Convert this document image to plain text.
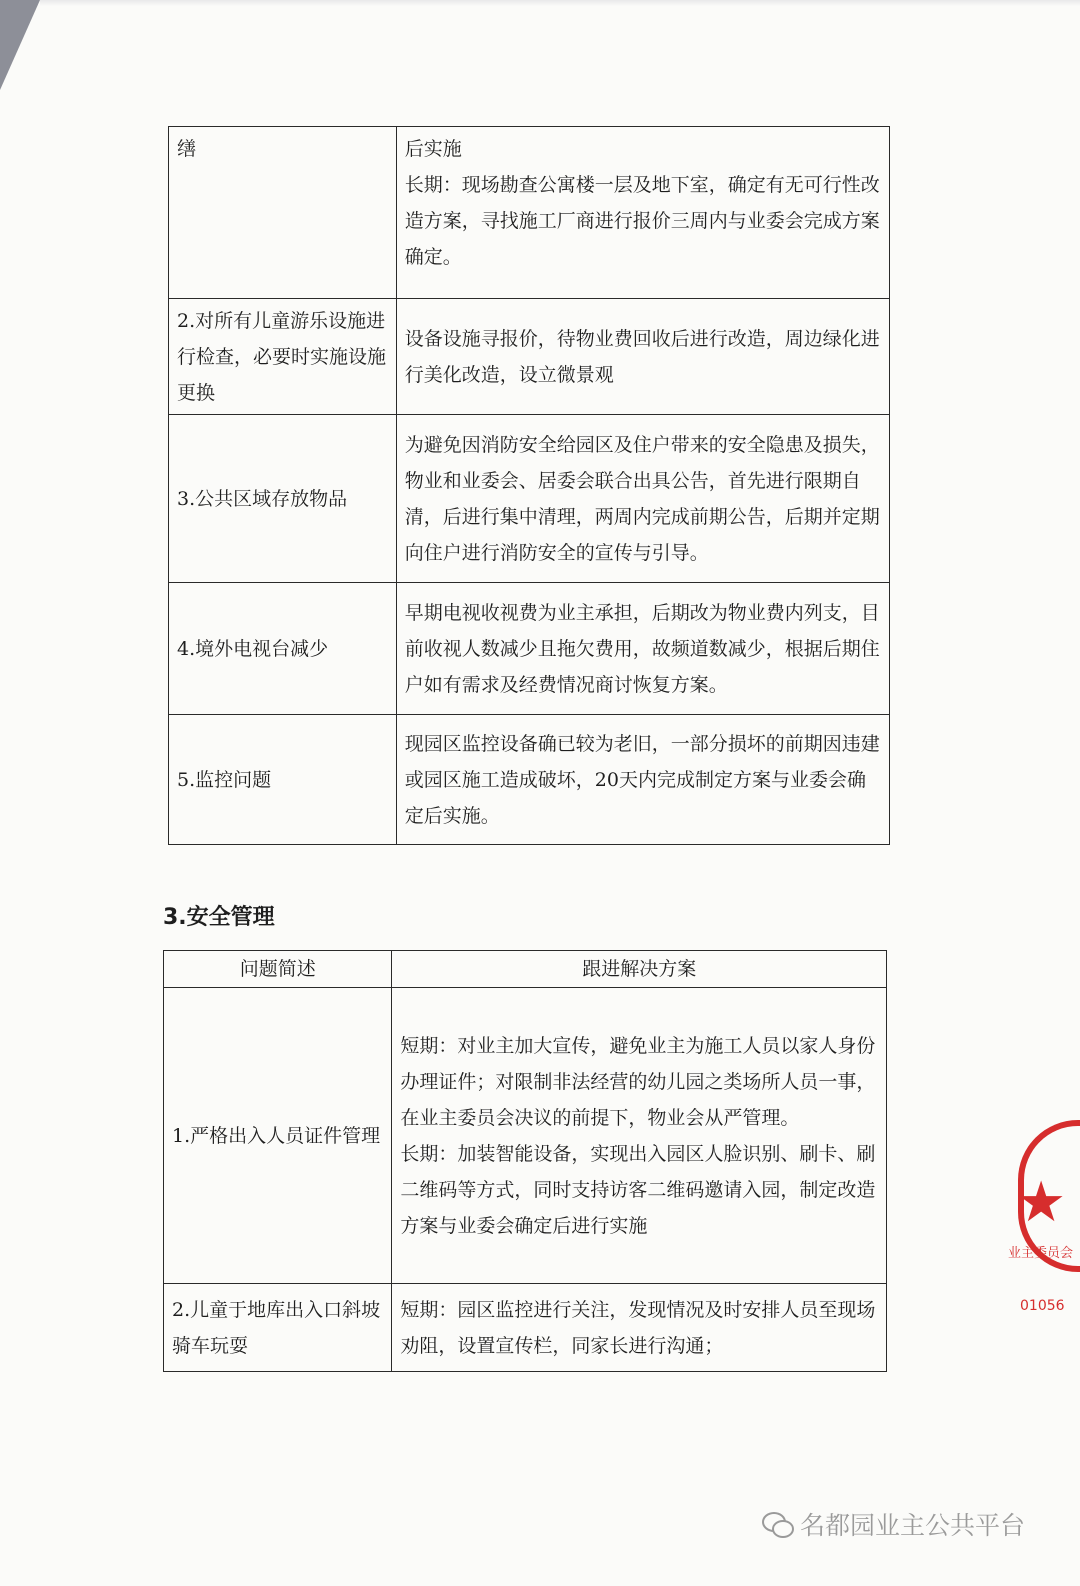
缮	后实施

长期：现场勘查公寓楼一层及地下室，确定有无可行性改造方案，寻找施工厂商进行报价三周内与业委会完成方案确定。

2.对所有儿童游乐设施进行检查，必要时实施设施更换	设备设施寻报价，待物业费回收后进行改造，周边绿化进行美化改造，设立微景观

3.公共区域存放物品	为避免因消防安全给园区及住户带来的安全隐患及损失，物业和业委会、居委会联合出具公告，首先进行限期自清，后进行集中清理，两周内完成前期公告，后期并定期向住户进行消防安全的宣传与引导。

4.境外电视台减少	早期电视收视费为业主承担，后期改为物业费内列支，目前收视人数减少且拖欠费用，故频道数减少，根据后期住户如有需求及经费情况商讨恢复方案。

5.监控问题	现园区监控设备确已较为老旧，一部分损坏的前期因违建或园区施工造成破坏，20天内完成制定方案与业委会确定后实施。

3.安全管理
问题简述	跟进解决方案
1.严格出入人员证件管理	短期：对业主加大宣传，避免业主为施工人员以家人身份办理证件；对限制非法经营的幼儿园之类场所人员一事，在业主委员会决议的前提下，物业会从严管理。

长期：加装智能设备，实现出入园区人脸识别、刷卡、刷二维码等方式，同时支持访客二维码邀请入园，制定改造方案与业委会确定后进行实施

2.儿童于地库出入口斜坡骑车玩耍	短期：园区监控进行关注，发现情况及时安排人员至现场劝阻，设置宣传栏，同家长进行沟通；

★
业主委员会
01056
名都园业主公共平台
